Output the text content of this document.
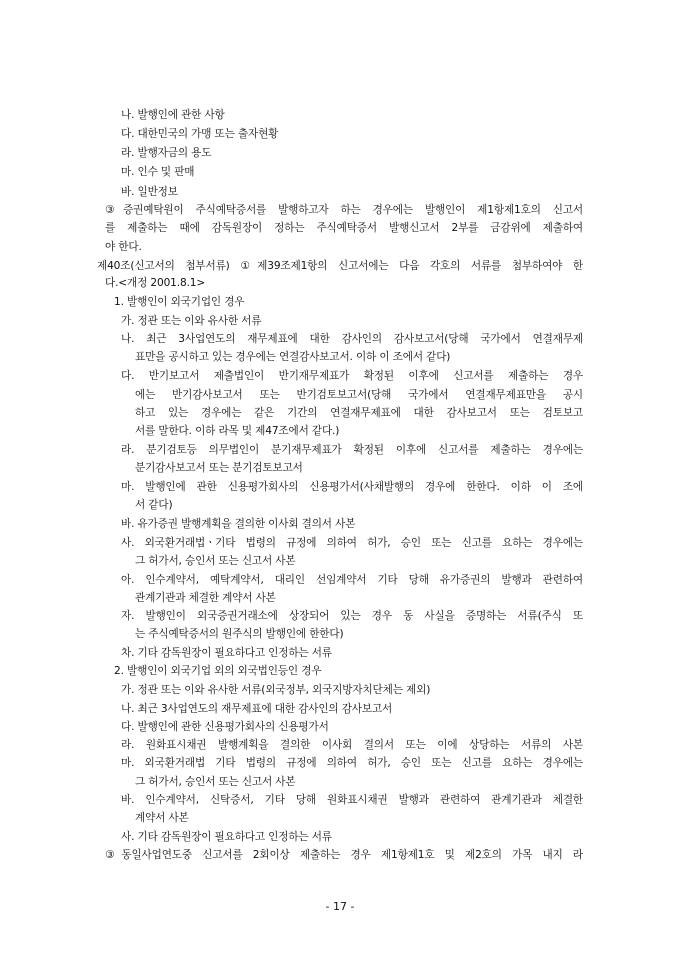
나. 발행인에 관한 사항
다. 대한민국의 가맹 또는 출자현황
라. 발행자금의 용도
마. 인수 및 판매
바. 일반정보
③증권예탁원이 주식예탁증서를 발행하고자 하는 경우에는 발행인이 제1항제1호의 신고서
를 제출하는 때에 감독원장이 정하는 주식예탁증서 발행신고서 2부를 금감위에 제출하여
야 한다.
제40조(신고서의 첨부서류) ①제39조제1항의 신고서에는 다음 각호의 서류를 첨부하여야 한
다.<개정 2001.8.1>
1. 발행인이 외국기업인 경우
가. 정관 또는 이와 유사한 서류
나. 최근 3사업연도의 재무제표에 대한 감사인의 감사보고서(당해 국가에서 연결재무제
표만을 공시하고 있는 경우에는 연결감사보고서. 이하 이 조에서 같다)
다. 반기보고서 제출법인이 반기재무제표가 확정된 이후에 신고서를 제출하는 경우
에는 반기감사보고서 또는 반기검토보고서(당해 국가에서 연결재무제표만을 공시
하고 있는 경우에는 같은 기간의 연결재무제표에 대한 감사보고서 또는 검토보고
서를 말한다. 이하 라목 및 제47조에서 같다.)
라. 분기검토등 의무법인이 분기재무제표가 확정된 이후에 신고서를 제출하는 경우에는
분기감사보고서 또는 분기검토보고서
마. 발행인에 관한 신용평가회사의 신용평가서(사채발행의 경우에 한한다. 이하 이 조에
서 같다)
바. 유가증권 발행계획을 결의한 이사회 결의서 사본
사. 외국환거래법ㆍ기타 법령의 규정에 의하여 허가, 승인 또는 신고를 요하는 경우에는
그 허가서, 승인서 또는 신고서 사본
아. 인수계약서, 예탁계약서, 대리인 선임계약서 기타 당해 유가증권의 발행과 관련하여
관계기관과 체결한 계약서 사본
자. 발행인이 외국증권거래소에 상장되어 있는 경우 동 사실을 증명하는 서류(주식 또
는 주식예탁증서의 원주식의 발행인에 한한다)
차. 기타 감독원장이 필요하다고 인정하는 서류
2. 발행인이 외국기업 외의 외국법인등인 경우
가. 정관 또는 이와 유사한 서류(외국정부, 외국지방자치단체는 제외)
나. 최근 3사업연도의 재무제표에 대한 감사인의 감사보고서
다. 발행인에 관한 신용평가회사의 신용평가서
라. 원화표시채권 발행계획을 결의한 이사회 결의서 또는 이에 상당하는 서류의 사본
마. 외국환거래법 기타 법령의 규정에 의하여 허가, 승인 또는 신고를 요하는 경우에는
그 허가서, 승인서 또는 신고서 사본
바. 인수계약서, 신탁증서, 기타 당해 원화표시채권 발행과 관련하여 관계기관과 체결한
계약서 사본
사. 기타 감독원장이 필요하다고 인정하는 서류
③동일사업연도중 신고서를 2회이상 제출하는 경우 제1항제1호 및 제2호의 가목 내지 라
- 17 -
